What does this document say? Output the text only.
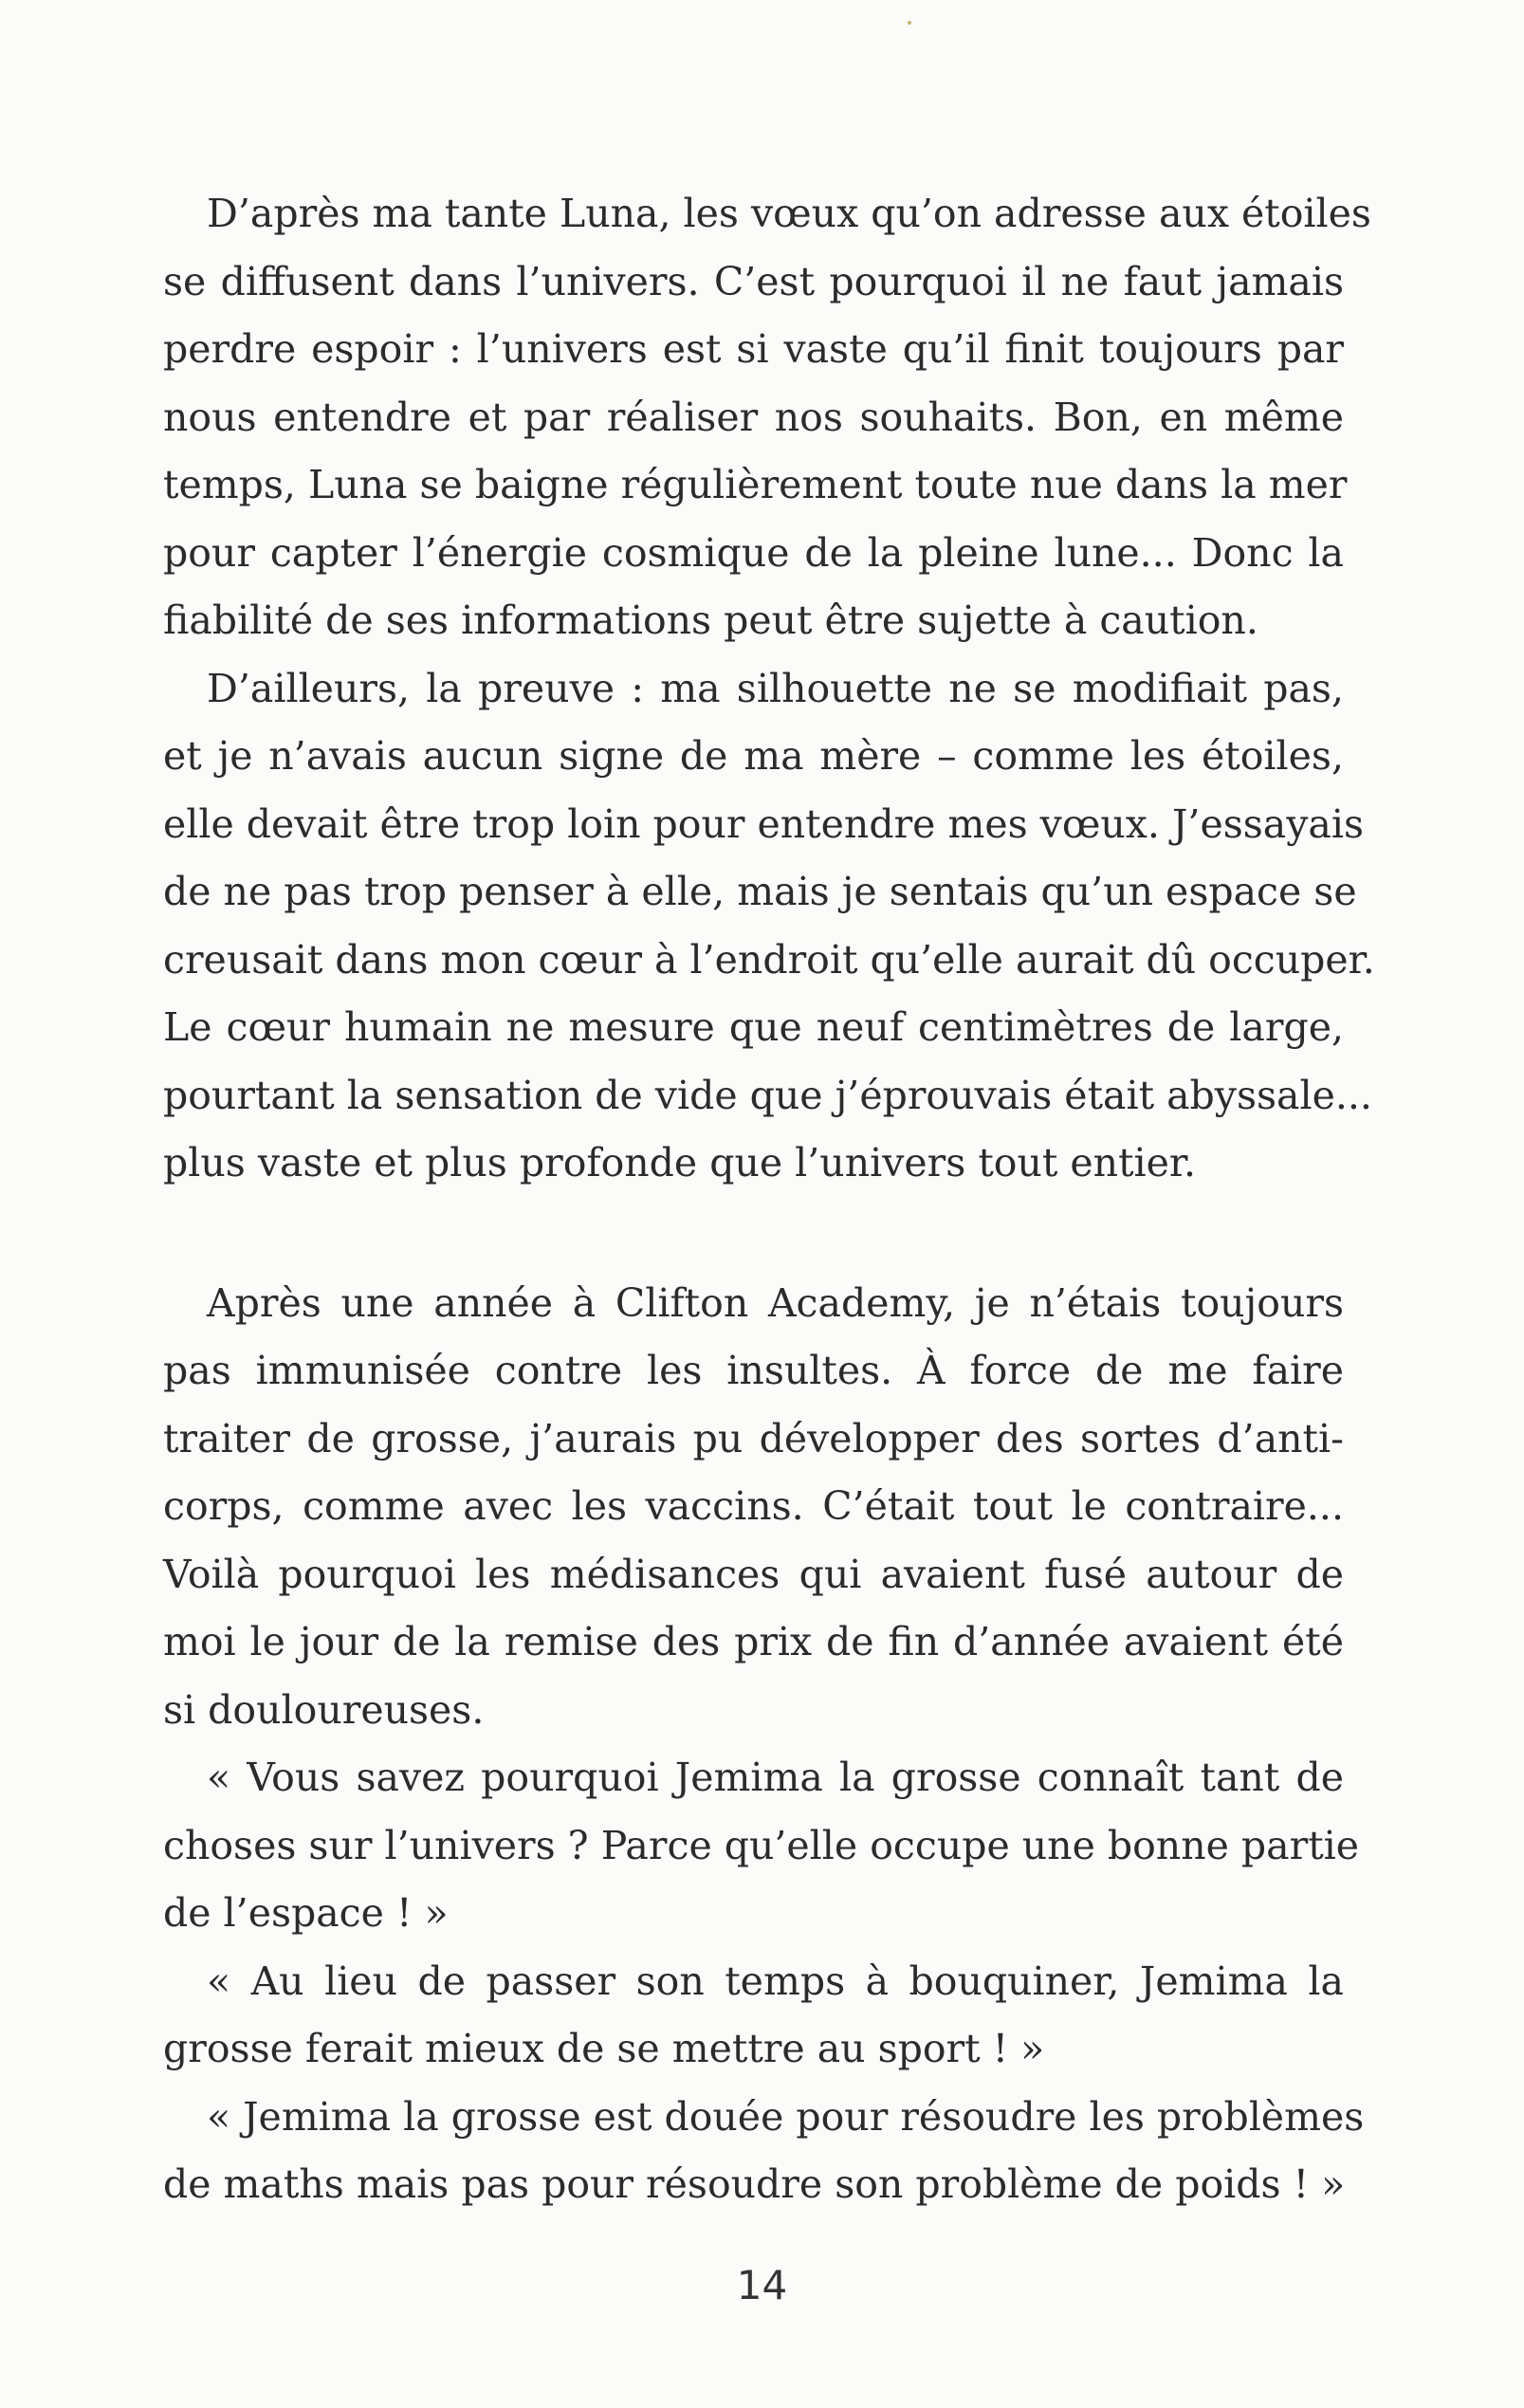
D’après ma tante Luna, les vœux qu’on adresse aux étoiles
se diffusent dans l’univers. C’est pourquoi il ne faut jamais
perdre espoir : l’univers est si vaste qu’il finit toujours par
nous entendre et par réaliser nos souhaits. Bon, en même
temps, Luna se baigne régulièrement toute nue dans la mer
pour capter l’énergie cosmique de la pleine lune... Donc la
fiabilité de ses informations peut être sujette à caution.
D’ailleurs, la preuve : ma silhouette ne se modifiait pas,
et je n’avais aucun signe de ma mère – comme les étoiles,
elle devait être trop loin pour entendre mes vœux. J’essayais
de ne pas trop penser à elle, mais je sentais qu’un espace se
creusait dans mon cœur à l’endroit qu’elle aurait dû occuper.
Le cœur humain ne mesure que neuf centimètres de large,
pourtant la sensation de vide que j’éprouvais était abyssale...
plus vaste et plus profonde que l’univers tout entier.
Après une année à Clifton Academy, je n’étais toujours
pas immunisée contre les insultes. À force de me faire
traiter de grosse, j’aurais pu développer des sortes d’anti-
corps, comme avec les vaccins. C’était tout le contraire...
Voilà pourquoi les médisances qui avaient fusé autour de
moi le jour de la remise des prix de fin d’année avaient été
si douloureuses.
« Vous savez pourquoi Jemima la grosse connaît tant de
choses sur l’univers ? Parce qu’elle occupe une bonne partie
de l’espace ! »
« Au lieu de passer son temps à bouquiner, Jemima la
grosse ferait mieux de se mettre au sport ! »
« Jemima la grosse est douée pour résoudre les problèmes
de maths mais pas pour résoudre son problème de poids ! »
14
